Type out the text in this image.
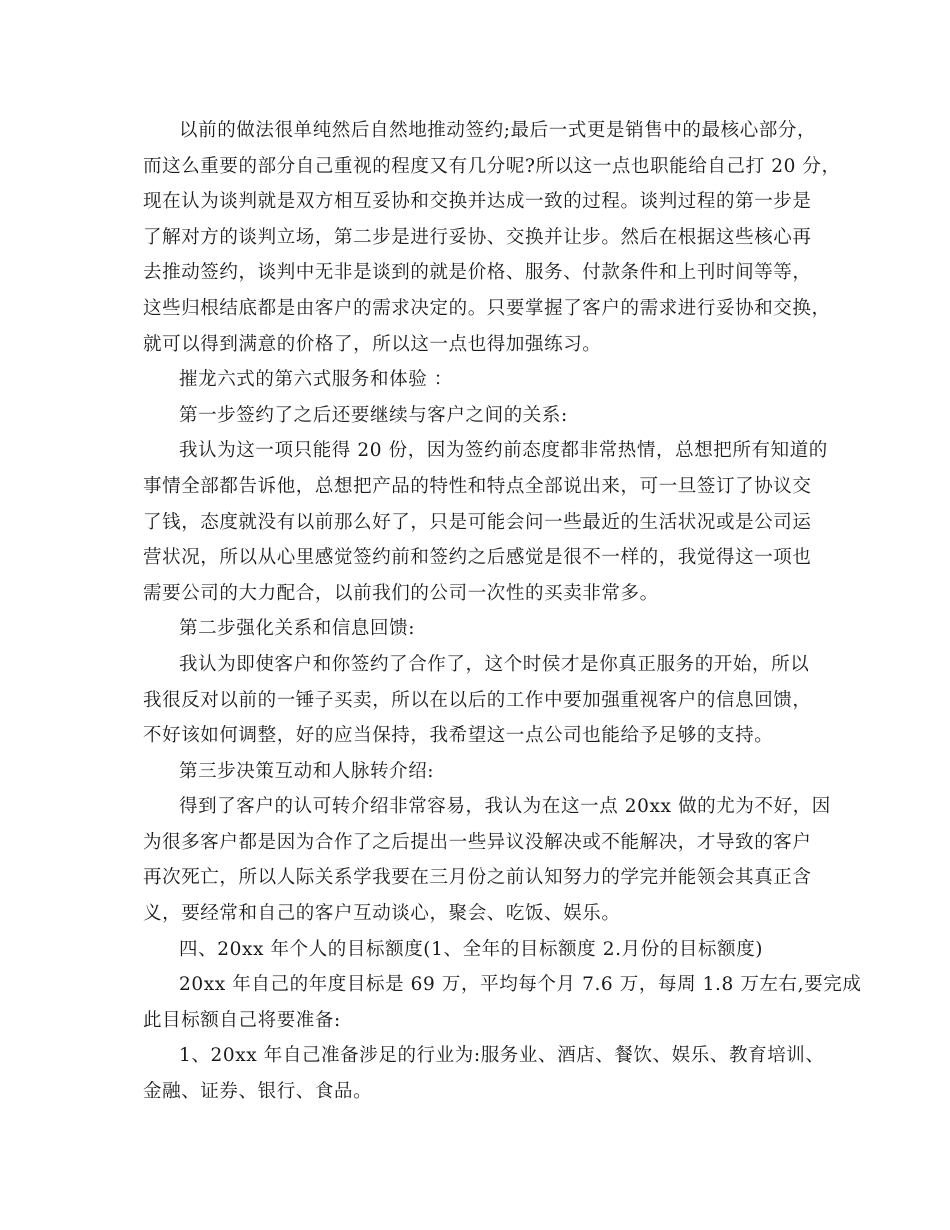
以前的做法很单纯然后自然地推动签约;最后一式更是销售中的最核心部分，
而这么重要的部分自己重视的程度又有几分呢?所以这一点也职能给自己打 20 分，
现在认为谈判就是双方相互妥协和交换并达成一致的过程。谈判过程的第一步是
了解对方的谈判立场，第二步是进行妥协、交换并让步。然后在根据这些核心再
去推动签约，谈判中无非是谈到的就是价格、服务、付款条件和上刊时间等等，
这些归根结底都是由客户的需求决定的。只要掌握了客户的需求进行妥协和交换，
就可以得到满意的价格了，所以这一点也得加强练习。
摧龙六式的第六式服务和体验 ：
第一步签约了之后还要继续与客户之间的关系:
我认为这一项只能得 20 份，因为签约前态度都非常热情，总想把所有知道的
事情全部都告诉他，总想把产品的特性和特点全部说出来，可一旦签订了协议交
了钱，态度就没有以前那么好了，只是可能会问一些最近的生活状况或是公司运
营状况，所以从心里感觉签约前和签约之后感觉是很不一样的，我觉得这一项也
需要公司的大力配合，以前我们的公司一次性的买卖非常多。
第二步强化关系和信息回馈:
我认为即使客户和你签约了合作了，这个时侯才是你真正服务的开始，所以
我很反对以前的一锤子买卖，所以在以后的工作中要加强重视客户的信息回馈，
不好该如何调整，好的应当保持，我希望这一点公司也能给予足够的支持。
第三步决策互动和人脉转介绍:
得到了客户的认可转介绍非常容易，我认为在这一点 20xx 做的尤为不好，因
为很多客户都是因为合作了之后提出一些异议没解决或不能解决，才导致的客户
再次死亡，所以人际关系学我要在三月份之前认知努力的学完并能领会其真正含
义，要经常和自己的客户互动谈心，聚会、吃饭、娱乐。
四、20xx 年个人的目标额度(1、全年的目标额度 2.月份的目标额度)
20xx 年自己的年度目标是 69 万，平均每个月 7.6 万，每周 1.8 万左右,要完成
此目标额自己将要准备:
1、20xx 年自己准备涉足的行业为:服务业、酒店、餐饮、娱乐、教育培训、
金融、证券、银行、食品。
